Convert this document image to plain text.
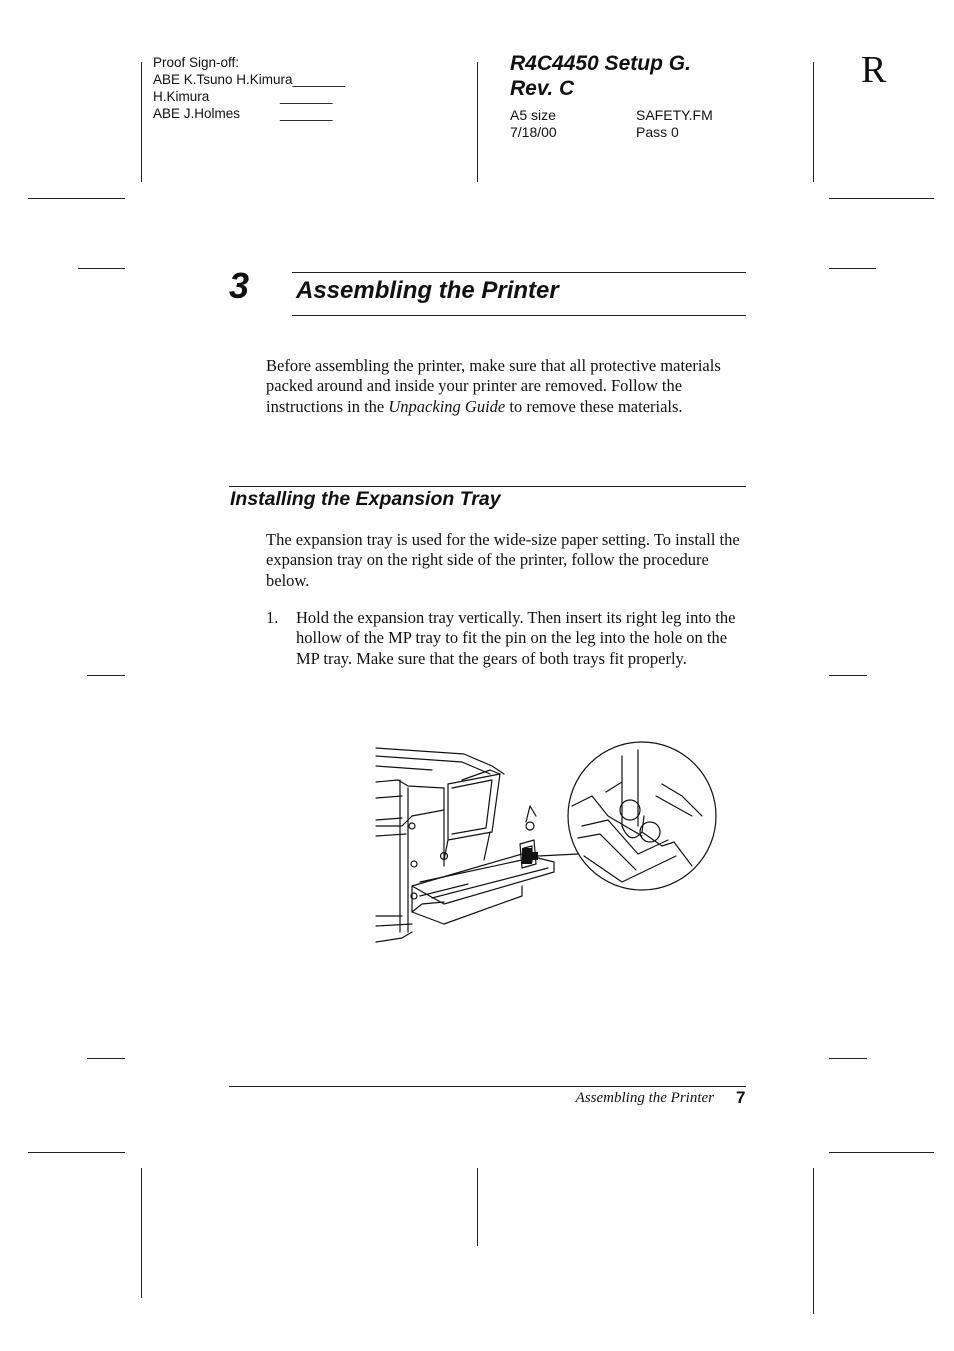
Proof Sign-off:
ABE K.Tsuno H.Kimura_______
H.Kimura	_______
ABE J.Holmes	_______
R4C4450 Setup G.
Rev. C
A5 size
7/18/00
SAFETY.FM
Pass 0
R
3 Assembling the Printer
Before assembling the printer, make sure that all protective materials packed around and inside your printer are removed. Follow the instructions in the Unpacking Guide to remove these materials.
Installing the Expansion Tray
The expansion tray is used for the wide-size paper setting. To install the expansion tray on the right side of the printer, follow the procedure below.
1. Hold the expansion tray vertically. Then insert its right leg into the hollow of the MP tray to fit the pin on the leg into the hole on the MP tray. Make sure that the gears of both trays fit properly.
Assembling the Printer 7
